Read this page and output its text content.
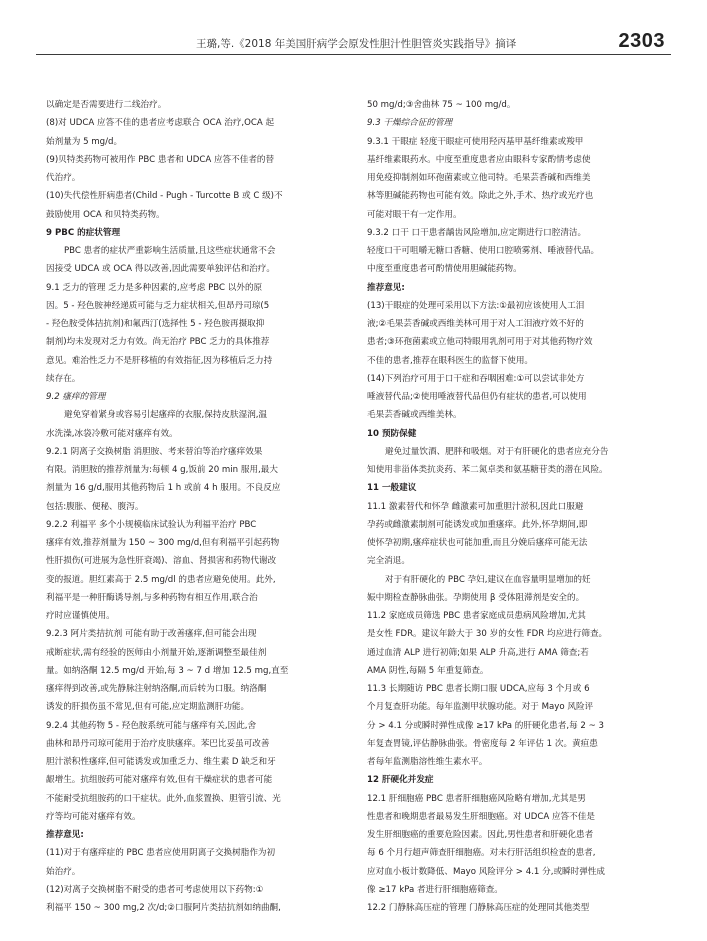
王璐,等.《2018 年美国肝病学会原发性胆汁性胆管炎实践指导》摘译	2303
以确定是否需要进行二线治疗。
(8)对 UDCA 应答不佳的患者应考虑联合 OCA 治疗,OCA 起
始剂量为 5 mg/d。
(9)贝特类药物可被用作 PBC 患者和 UDCA 应答不佳者的替
代治疗。
(10)失代偿性肝病患者(Child - Pugh - Turcotte B 或 C 级)不
鼓励使用 OCA 和贝特类药物。
9 PBC 的症状管理
PBC 患者的症状严重影响生活质量,且这些症状通常不会
因接受 UDCA 或 OCA 得以改善,因此需要单独评估和治疗。
9.1 乏力的管理 乏力是多种因素的,应考虑 PBC 以外的原
因。5 - 羟色胺神经递质可能与乏力症状相关,但昂丹司琼(5
- 羟色胺受体拮抗剂)和氟西汀(选择性 5 - 羟色胺再摄取抑
制剂)均未发现对乏力有效。尚无治疗 PBC 乏力的具体推荐
意见。难治性乏力不是肝移植的有效指征,因为移植后乏力持
续存在。
9.2 瘙痒的管理
避免穿着紧身或容易引起瘙痒的衣服,保持皮肤湿润,温
水洗澡,冰袋冷敷可能对瘙痒有效。
9.2.1 阴离子交换树脂 消胆胺、考来替泊等治疗瘙痒效果
有限。消胆胺的推荐剂量为:每顿 4 g,饭前 20 min 服用,最大
剂量为 16 g/d,服用其他药物后 1 h 或前 4 h 服用。不良反应
包括:腹胀、便秘、腹泻。
9.2.2 利福平 多个小规模临床试验认为利福平治疗 PBC
瘙痒有效,推荐剂量为 150 ~ 300 mg/d,但有利福平引起药物
性肝损伤(可进展为急性肝衰竭)、溶血、肾损害和药物代谢改
变的报道。胆红素高于 2.5 mg/dl 的患者应避免使用。此外,
利福平是一种肝酶诱导剂,与多种药物有相互作用,联合治
疗时应谨慎使用。
9.2.3 阿片类拮抗剂 可能有助于改善瘙痒,但可能会出现
戒断症状,需有经验的医师由小剂量开始,逐渐调整至最佳剂
量。如纳洛酮 12.5 mg/d 开始,每 3 ~ 7 d 增加 12.5 mg,直至
瘙痒得到改善,或先静脉注射纳洛酮,而后转为口服。纳洛酮
诱发的肝损伤虽不常见,但有可能,应定期监测肝功能。
9.2.4 其他药物 5 - 羟色胺系统可能与瘙痒有关,因此,舍
曲林和昂丹司琼可能用于治疗皮肤瘙痒。苯巴比妥虽可改善
胆汁淤积性瘙痒,但可能诱发或加重乏力、维生素 D 缺乏和牙
龈增生。抗组胺药可能对瘙痒有效,但有干燥症状的患者可能
不能耐受抗组胺药的口干症状。此外,血浆置换、胆管引流、光
疗等均可能对瘙痒有效。
推荐意见:
(11)对于有瘙痒症的 PBC 患者应使用阴离子交换树脂作为初
始治疗。
(12)对离子交换树脂不耐受的患者可考虑使用以下药物:①
利福平 150 ~ 300 mg,2 次/d;②口服阿片类拮抗剂如纳曲酮,
50 mg/d;③舍曲林 75 ~ 100 mg/d。
9.3 干燥综合征的管理
9.3.1 干眼症 轻度干眼症可使用羟丙基甲基纤维素或羧甲
基纤维素眼药水。中度至重度患者应由眼科专家酌情考虑使
用免疫抑制剂如环孢菌素或立他司特。毛果芸香碱和西维美
林等胆碱能药物也可能有效。除此之外,手术、热疗或光疗也
可能对眼干有一定作用。
9.3.2 口干 口干患者龋齿风险增加,应定期进行口腔清洁。
轻度口干可咀嚼无糖口香糖、使用口腔喷雾剂、唾液替代品。
中度至重度患者可酌情使用胆碱能药物。
推荐意见:
(13)干眼症的处理可采用以下方法:①最初应该使用人工泪
液;②毛果芸香碱或西维美林可用于对人工泪液疗效不好的
患者;③环孢菌素或立他司特眼用乳剂可用于对其他药物疗效
不佳的患者,推荐在眼科医生的监督下使用。
(14)下列治疗可用于口干症和吞咽困难:①可以尝试非处方
唾液替代品;②使用唾液替代品但仍有症状的患者,可以使用
毛果芸香碱或西维美林。
10 预防保健
避免过量饮酒、肥胖和吸烟。对于有肝硬化的患者应充分告
知使用非甾体类抗炎药、苯二氮卓类和氨基糖苷类的潜在风险。
11 一般建议
11.1 激素替代和怀孕 雌激素可加重胆汁淤积,因此口服避
孕药或雌激素制剂可能诱发或加重瘙痒。此外,怀孕期间,即
使怀孕初期,瘙痒症状也可能加重,而且分娩后瘙痒可能无法
完全消退。
对于有肝硬化的 PBC 孕妇,建议在血容量明显增加的妊
娠中期检查静脉曲张。孕期使用 β 受体阻滞剂是安全的。
11.2 家庭成员筛选 PBC 患者家庭成员患病风险增加,尤其
是女性 FDR。建议年龄大于 30 岁的女性 FDR 均应进行筛查。
通过血清 ALP 进行初筛;如果 ALP 升高,进行 AMA 筛查;若
AMA 阴性,每隔 5 年重复筛查。
11.3 长期随访 PBC 患者长期口服 UDCA,应每 3 个月或 6
个月复查肝功能。每年监测甲状腺功能。对于 Mayo 风险评
分 > 4.1 分或瞬时弹性成像 ≥17 kPa 的肝硬化患者,每 2 ~ 3
年复查胃镜,评估静脉曲张。骨密度每 2 年评估 1 次。黄疸患
者每年监测脂溶性维生素水平。
12 肝硬化并发症
12.1 肝细胞癌 PBC 患者肝细胞癌风险略有增加,尤其是男
性患者和晚期患者最易发生肝细胞癌。对 UDCA 应答不佳是
发生肝细胞癌的重要危险因素。因此,男性患者和肝硬化患者
每 6 个月行超声筛查肝细胞癌。对未行肝活组织检查的患者,
应对血小板计数降低、Mayo 风险评分 > 4.1 分,或瞬时弹性成
像 ≥17 kPa 者进行肝细胞癌筛查。
12.2 门静脉高压症的管理 门静脉高压症的处理同其他类型
